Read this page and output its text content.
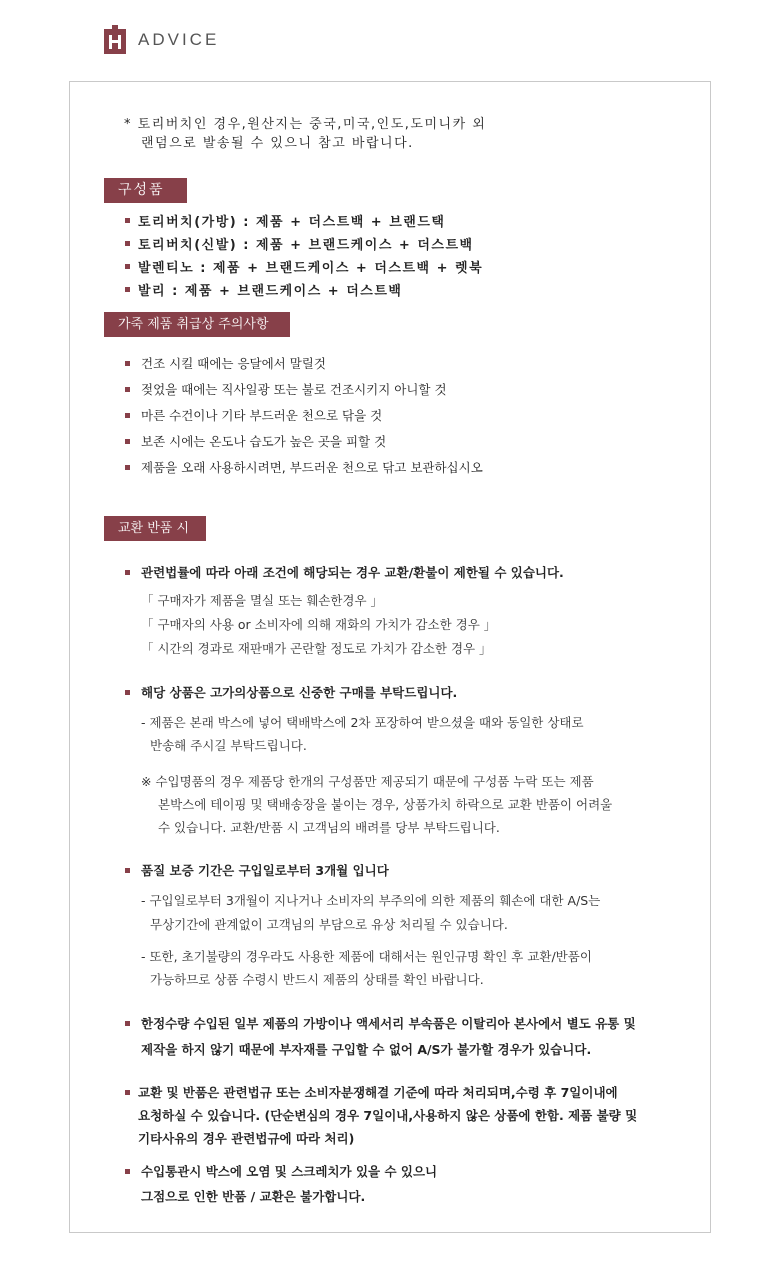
ADVICE
* 토리버치인 경우,원산지는 중국,미국,인도,도미니카 외
랜덤으로 발송될 수 있으니 참고 바랍니다.
구성품
토리버치(가방) : 제품 + 더스트백 + 브랜드택
토리버치(신발) : 제품 + 브랜드케이스 + 더스트백
발렌티노 : 제품 + 브랜드케이스 + 더스트백 + 렛북
발리 : 제품 + 브랜드케이스 + 더스트백
가죽 제품 취급상 주의사항
건조 시킬 때에는 응달에서 말릴것
젖었을 때에는 직사일광 또는 불로 건조시키지 아니할 것
마른 수건이나 기타 부드러운 천으로 닦을 것
보존 시에는 온도나 습도가 높은 곳을 피할 것
제품을 오래 사용하시려면, 부드러운 천으로 닦고 보관하십시오
교환 반품 시
관련법률에 따라 아래 조건에 해당되는 경우 교환/환불이 제한될 수 있습니다.
「 구매자가 제품을 멸실 또는 훼손한경우 」
「 구매자의 사용 or 소비자에 의해 재화의 가치가 감소한 경우 」
「 시간의 경과로 재판매가 곤란할 정도로 가치가 감소한 경우 」
해당 상품은 고가의상품으로 신중한 구매를 부탁드립니다.
- 제품은 본래 박스에 넣어 택배박스에 2차 포장하여 받으셨을 때와 동일한 상태로
반송해 주시길 부탁드립니다.
※ 수입명품의 경우 제품당 한개의 구성품만 제공되기 때문에 구성품 누락 또는 제품
본박스에 테이핑 및 택배송장을 붙이는 경우, 상품가치 하락으로 교환 반품이 어려울
수 있습니다. 교환/반품 시 고객님의 배려를 당부 부탁드립니다.
품질 보증 기간은 구입일로부터 3개월 입니다
- 구입일로부터 3개월이 지나거나 소비자의 부주의에 의한 제품의 훼손에 대한 A/S는
무상기간에 관계없이 고객님의 부담으로 유상 처리될 수 있습니다.
- 또한, 초기불량의 경우라도 사용한 제품에 대해서는 원인규명 확인 후 교환/반품이
가능하므로 상품 수령시 반드시 제품의 상태를 확인 바랍니다.
한정수량 수입된 일부 제품의 가방이나 액세서리 부속품은 이탈리아 본사에서 별도 유통 및
제작을 하지 않기 때문에 부자재를 구입할 수 없어 A/S가 불가할 경우가 있습니다.
교환 및 반품은 관련법규 또는 소비자분쟁해결 기준에 따라 처리되며,수령 후 7일이내에
요청하실 수 있습니다. (단순변심의 경우 7일이내,사용하지 않은 상품에 한함. 제품 불량 및
기타사유의 경우 관련법규에 따라 처리)
수입통관시 박스에 오염 및 스크레치가 있을 수 있으니
그점으로 인한 반품 / 교환은 불가합니다.
